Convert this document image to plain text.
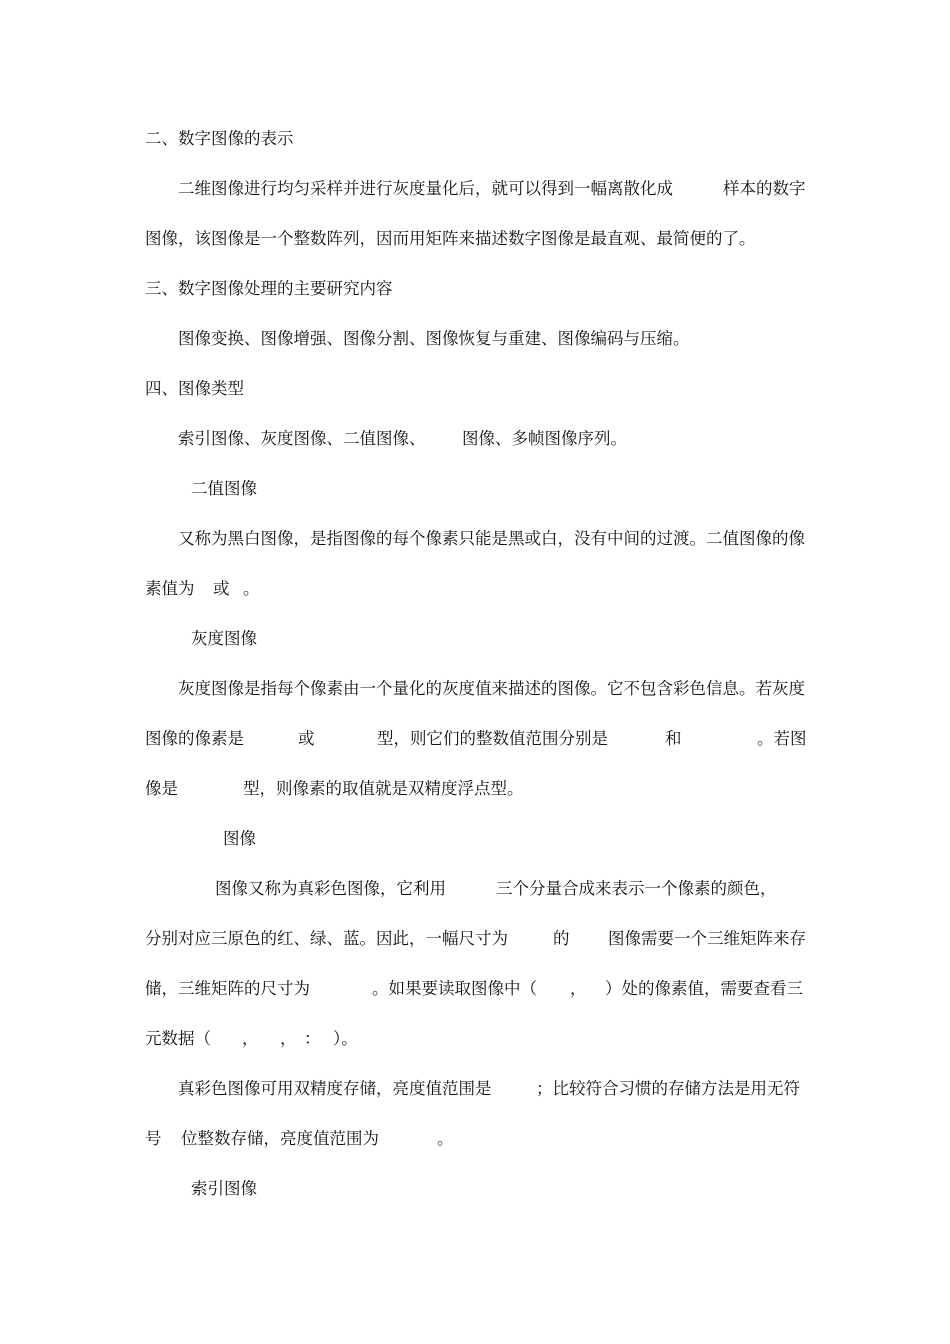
二、数字图像的表示

二维图像进行均匀采样并进行灰度量化后，就可以得到一幅离散化成	样本的数字

图像，该图像是一个整数阵列，因而用矩阵来描述数字图像是最直观、最简便的了。

三、数字图像处理的主要研究内容

图像变换、图像增强、图像分割、图像恢复与重建、图像编码与压缩。

四、图像类型

索引图像、灰度图像、二值图像、 图像、多帧图像序列。

二值图像

又称为黑白图像，是指图像的每个像素只能是黑或白，没有中间的过渡。二值图像的像

素值为 或 。

灰度图像

灰度图像是指每个像素由一个量化的灰度值来描述的图像。它不包含彩色信息。若灰度

图像的像素是	或	型，则它们的整数值范围分别是	和	。若图

像是	型，则像素的取值就是双精度浮点型。

图像

图像又称为真彩色图像，它利用	三个分量合成来表示一个像素的颜色，

分别对应三原色的红、绿、蓝。因此，一幅尺寸为	的 图像需要一个三维矩阵来存

储，三维矩阵的尺寸为	。如果要读取图像中（ ， ）处的像素值，需要查看三

元数据（ ， ， ： ）。

真彩色图像可用双精度存储，亮度值范围是	；比较符合习惯的存储方法是用无符

号 位整数存储，亮度值范围为	。

索引图像
